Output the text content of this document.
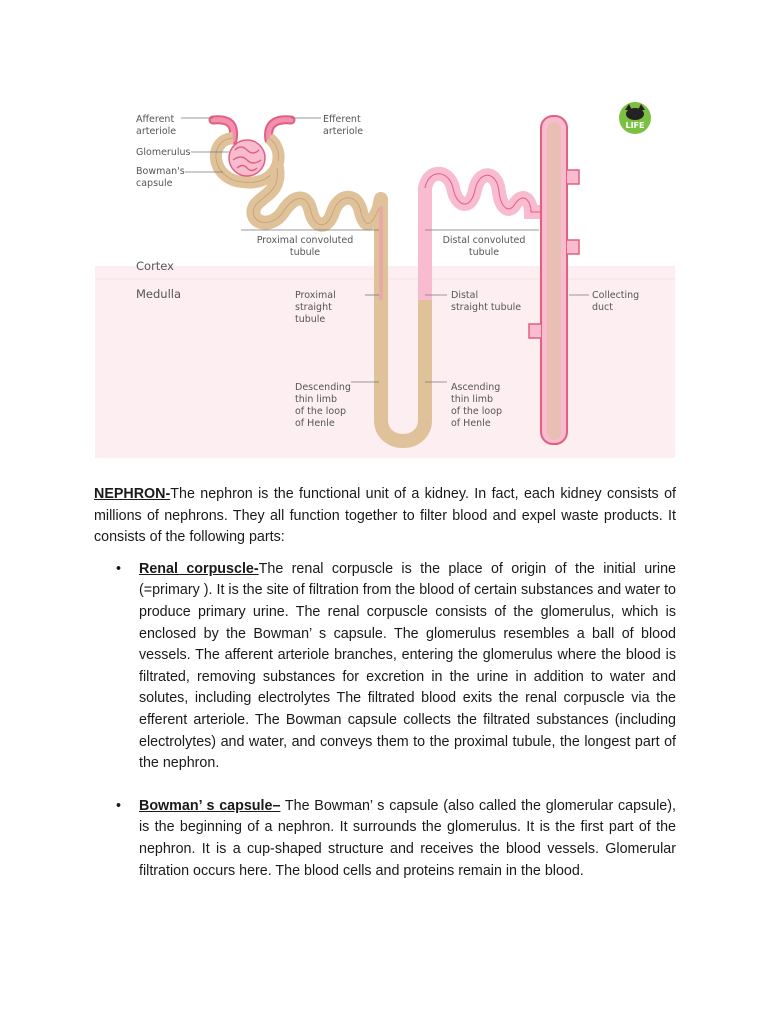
Afferent arteriole
Efferent arteriole
Glomerulus
Bowman's capsule
Proximal convoluted tubule
Distal convoluted tubule
Cortex
Medulla	Proximal straight tubule
Distal straight tubule
Collecting duct
Descending thin limb of the loop of Henle
Ascending thin limb of the loop of Henle
LIFE

NEPHRON-The nephron is the functional unit of a kidney. In fact, each kidney consists of millions of nephrons. They all function together to filter blood and expel waste products. It consists of the following parts:

• Renal corpuscle-The renal corpuscle is the place of origin of the initial urine (=primary ). It is the site of filtration from the blood of certain substances and water to produce primary urine. The renal corpuscle consists of the glomerulus, which is enclosed by the Bowman’ s capsule. The glomerulus resembles a ball of blood vessels. The afferent arteriole branches, entering the glomerulus where the blood is filtrated, removing substances for excretion in the urine in addition to water and solutes, including electrolytes The filtrated blood exits the renal corpuscle via the efferent arteriole. The Bowman capsule collects the filtrated substances (including electrolytes) and water, and conveys them to the proximal tubule, the longest part of the nephron.
• Bowman’ s capsule– The Bowman’ s capsule (also called the glomerular capsule), is the beginning of a nephron. It surrounds the glomerulus. It is the first part of the nephron. It is a cup-shaped structure and receives the blood vessels. Glomerular filtration occurs here. The blood cells and proteins remain in the blood.
